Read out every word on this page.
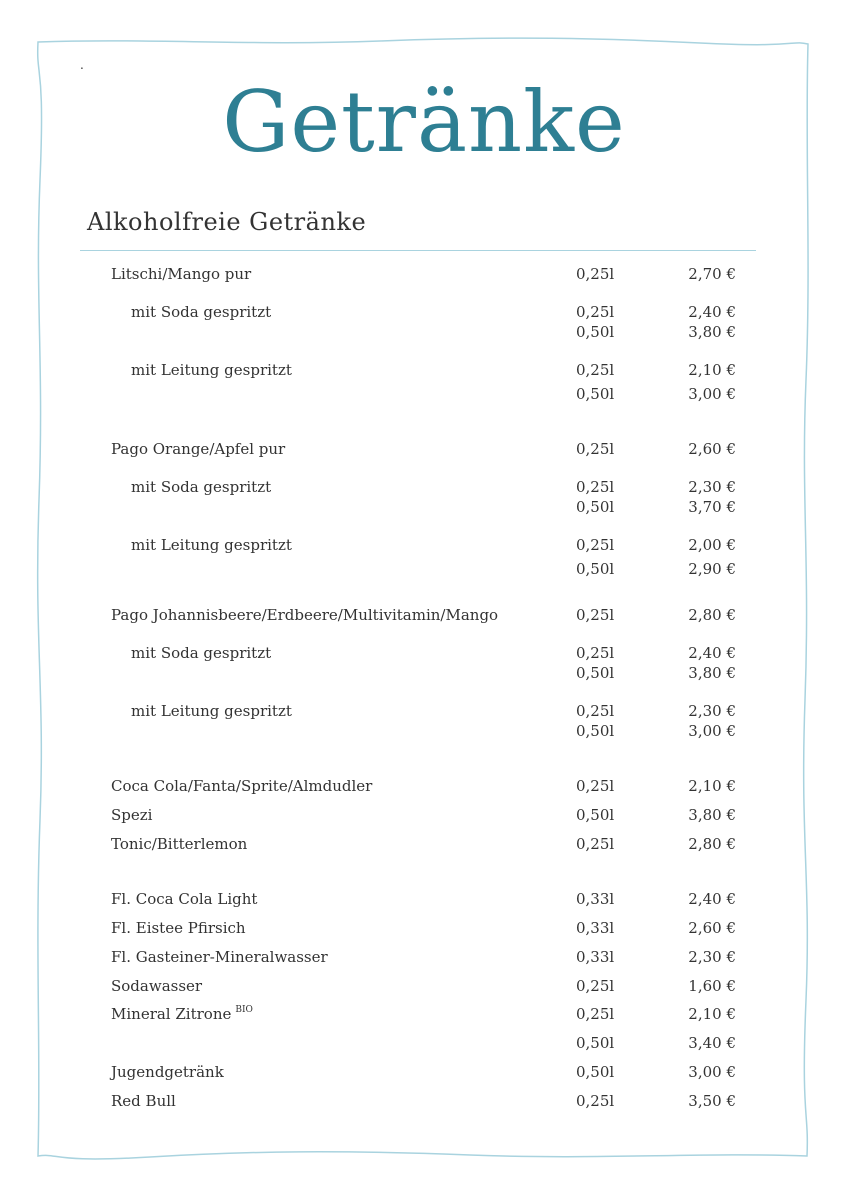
.
Getränke
Alkoholfreie Getränke
Litschi/Mango pur	0,25l	2,70 €
mit Soda gespritzt	0,25l	2,40 €
0,50l	3,80 €
mit Leitung gespritzt	0,25l	2,10 €
0,50l	3,00 €
Pago Orange/Apfel pur	0,25l	2,60 €
mit Soda gespritzt	0,25l	2,30 €
0,50l	3,70 €
mit Leitung gespritzt	0,25l	2,00 €
0,50l	2,90 €
Pago Johannisbeere/Erdbeere/Multivitamin/Mango	0,25l	2,80 €
mit Soda gespritzt	0,25l	2,40 €
0,50l	3,80 €
mit Leitung gespritzt	0,25l	2,30 €
0,50l	3,00 €
Coca Cola/Fanta/Sprite/Almdudler	0,25l	2,10 €
Spezi	0,50l	3,80 €
Tonic/Bitterlemon	0,25l	2,80 €
Fl. Coca Cola Light	0,33l	2,40 €
Fl. Eistee Pfirsich	0,33l	2,60 €
Fl. Gasteiner-Mineralwasser	0,33l	2,30 €
Sodawasser	0,25l	1,60 €
Mineral Zitrone $^{BIO}$	0,25l	2,10 €
0,50l	3,40 €
Jugendgetränk	0,50l	3,00 €
Red Bull	0,25l	3,50 €
